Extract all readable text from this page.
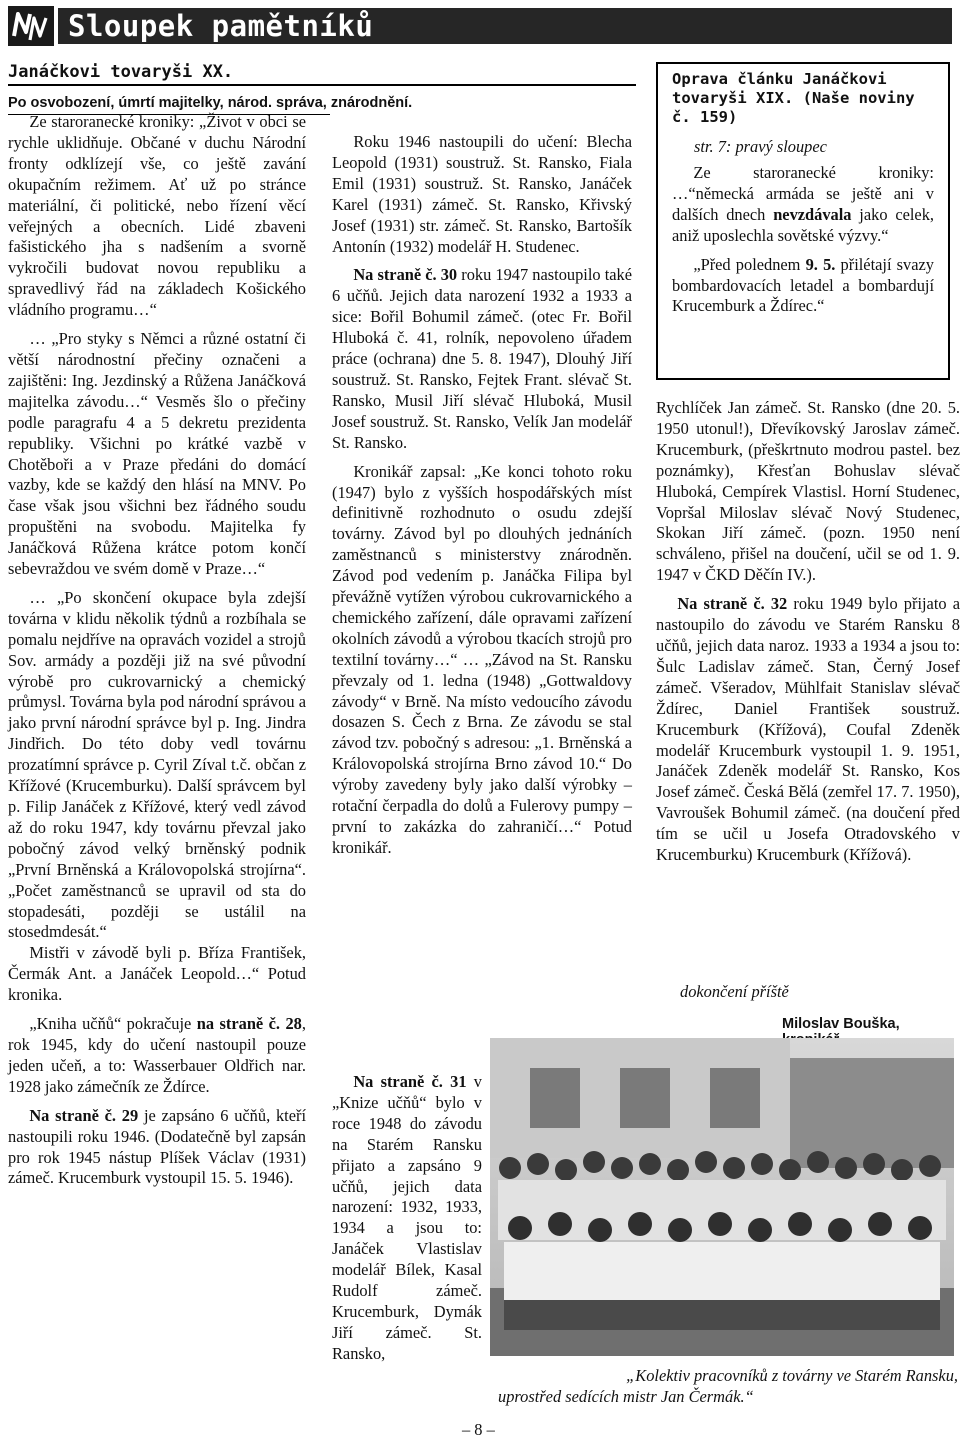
Sloupek pamětníků
Janáčkovi tovaryši XX.
Po osvobození, úmrtí majitelky, národ. správa, znárodnění.

Ze staroranecké kroniky: „Život v obci se rychle uklidňuje. Občané v duchu Národní fronty odklízejí vše, co ještě zavání okupačním režimem. Ať už po stránce materiální, či politické, nebo řízení věcí veřejných a obecních. Lidé zbaveni fašistického jha s nadšením a svorně vykročili budovat novou republiku a spravedlivý řád na základech Košického vládního programu…“

… „Pro styky s Němci a různé ostatní či větší národnostní přečiny označeni a zajištěni: Ing. Jezdinský a Růžena Janáčková majitelka závodu…“ Vesměs šlo o přečiny podle paragrafu 4 a 5 dekretu prezidenta republiky. Všichni po krátké vazbě v Chotěboři a v Praze předáni do domácí vazby, kde se každý den hlásí na MNV. Po čase však jsou všichni bez řádného soudu propuštěni na svobodu. Majitelka fy Janáčková Růžena krátce potom končí sebevraždou ve svém domě v Praze…“

… „Po skončení okupace byla zdejší továrna v klidu několik týdnů a rozbíhala se pomalu nejdříve na opravách vozidel a strojů Sov. armády a později již na své původní výrobě pro cukrovarnický a chemický průmysl. Továrna byla pod národní správou a jako první národní správce byl p. Ing. Jindra Jindřich. Do této doby vedl továrnu prozatímní správce p. Cyril Zíval t.č. občan z Křížové (Krucemburku). Další správcem byl p. Filip Janáček z Křížové, který vedl závod až do roku 1947, kdy továrnu převzal jako pobočný závod velký brněnský podnik „První Brněnská a Královopolská strojírna“. „Počet zaměstnanců se upravil od sta do stopadesáti, později se ustálil na stosedmdesát.“

Mistři v závodě byli p. Bříza František, Čermák Ant. a Janáček Leopold…“ Potud kronika.

„Kniha učňů“ pokračuje na straně č. 28, rok 1945, kdy do učení nastoupil pouze jeden učeň, a to: Wasserbauer Oldřich nar. 1928 jako zámečník ze Ždírce.

Na straně č. 29 je zapsáno 6 učňů, kteří nastoupili roku 1946. (Dodatečně byl zapsán pro rok 1945 nástup Plíšek Václav (1931) zámeč. Krucemburk vystoupil 15. 5. 1946).

Roku 1946 nastoupili do učení: Blecha Leopold (1931) soustruž. St. Ransko, Fiala Emil (1931) soustruž. St. Ransko, Janáček Karel (1931) zámeč. St. Ransko, Křivský Josef (1931) str. zámeč. St. Ransko, Bartošík Antonín (1932) modelář H. Studenec.

Na straně č. 30 roku 1947 nastoupilo také 6 učňů. Jejich data narození 1932 a 1933 a sice: Bořil Bohumil zámeč. (otec Fr. Bořil Hluboká č. 41, rolník, nepovoleno úřadem práce (ochrana) dne 5. 8. 1947), Dlouhý Jiří soustruž. St. Ransko, Fejtek Frant. slévač St. Ransko, Musil Jiří slévač Hluboká, Musil Josef soustruž. St. Ransko, Velík Jan modelář St. Ransko.

Kronikář zapsal: „Ke konci tohoto roku (1947) bylo z vyšších hospodářských míst definitivně rozhodnuto o osudu zdejší továrny. Závod byl po dlouhých jednáních zaměstnanců s ministerstvy znárodněn. Závod pod vedením p. Janáčka Filipa byl převážně vytížen výrobou cukrovarnického a chemického zařízení, dále opravami zařízení okolních závodů a výrobou tkacích strojů pro textilní továrny…“ … „Závod na St. Ransku převzaly od 1. ledna (1948) „Gottwaldovy závody“ v Brně. Na místo vedoucího závodu dosazen S. Čech z Brna. Ze závodu se stal závod tzv. pobočný s adresou: „1. Brněnská a Královopolská strojírna Brno závod 10.“ Do výroby zavedeny byly jako další výrobky – rotační čerpadla do dolů a Fulerovy pumpy – první to zakázka do zahraničí…“ Potud kronikář.

Na straně č. 31 v „Knize učňů“ bylo v roce 1948 do závodu na Starém Ransku přijato a zapsáno 9 učňů, jejich data narození: 1932, 1933, 1934 a jsou to: Janáček Vlastislav modelář Bílek, Kasal Rudolf zámeč. Krucemburk, Dymák Jiří zámeč. St. Ransko,

Oprava článku Janáčkovi tovaryši XIX. (Naše noviny č. 159)
str. 7: pravý sloupec

Ze staroranecké kroniky: …“německá armáda se ještě ani v dalších dnech nevzdávala jako celek, aniž uposlechla sovětské výzvy.“

„Před polednem 9. 5. přilétají svazy bombardovacích letadel a bombardují Krucemburk a Ždírec.“

Rychlíček Jan zámeč. St. Ransko (dne 20. 5. 1950 utonul!), Dřevíkovský Jaroslav zámeč. Krucemburk, (přeškrtnuto modrou pastel. bez poznámky), Křesťan Bohuslav slévač Hluboká, Cempírek Vlastisl. Horní Studenec, Vopršal Miloslav slévač Nový Studenec, Skokan Jiří zámeč. (pozn. 1950 není schváleno, přišel na doučení, učil se od 1. 9. 1947 v ČKD Děčín IV.).

Na straně č. 32 roku 1949 bylo přijato a nastoupilo do závodu ve Starém Ransku 8 učňů, jejich data naroz. 1933 a 1934 a jsou to: Šulc Ladislav zámeč. Stan, Černý Josef zámeč. Všeradov, Mühlfait Stanislav slévač Ždírec, Daniel František soustruž. Krucemburk (Křížová), Coufal Zdeněk modelář Krucemburk vystoupil 1. 9. 1951, Janáček Zdeněk modelář St. Ransko, Kos Josef zámeč. Česká Bělá (zemřel 17. 7. 1950), Vavroušek Bohumil zámeč. (na doučení před tím se učil u Josefa Otradovského v Krucemburku) Krucemburk (Křížová).

dokončení příště
Miloslav Bouška,
„Kolektiv pracovníků z továrny ve Starém Ransku,
uprostřed sedících mistr Jan Čermák.“
– 8 –
